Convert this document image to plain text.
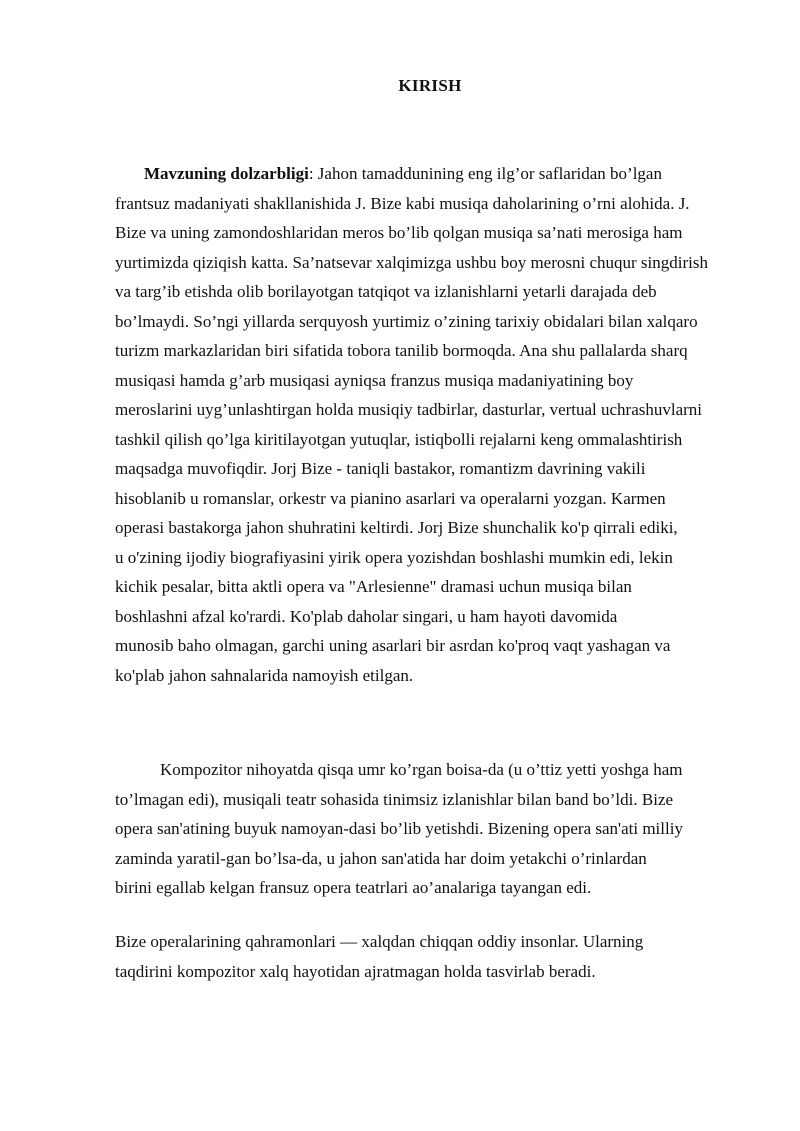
KIRISH
Mavzuning dolzarbligi: Jahon tamaddunining eng ilg’or saflaridan bo’lgan
frantsuz madaniyati shakllanishida J. Bize kabi musiqa daholarining o’rni alohida. J.
Bize va uning zamondoshlaridan meros bo’lib qolgan musiqa sa’nati merosiga ham
yurtimizda qiziqish katta. Sa’natsevar xalqimizga ushbu boy merosni chuqur singdirish
va targ’ib etishda olib borilayotgan tatqiqot va izlanishlarni yetarli darajada deb
bo’lmaydi. So’ngi yillarda serquyosh yurtimiz o’zining tarixiy obidalari bilan xalqaro
turizm markazlaridan biri sifatida tobora tanilib bormoqda. Ana shu pallalarda sharq
musiqasi hamda g’arb musiqasi ayniqsa franzus musiqa madaniyatining boy
meroslarini uyg’unlashtirgan holda musiqiy tadbirlar, dasturlar, vertual uchrashuvlarni
tashkil qilish qo’lga kiritilayotgan yutuqlar, istiqbolli rejalarni keng ommalashtirish
maqsadga muvofiqdir. Jorj Bize - taniqli bastakor, romantizm davrining vakili
hisoblanib u romanslar, orkestr va pianino asarlari va operalarni yozgan. Karmen
operasi bastakorga jahon shuhratini keltirdi. Jorj Bize shunchalik ko'p qirrali ediki,
u o'zining ijodiy biografiyasini yirik opera yozishdan boshlashi mumkin edi, lekin
kichik pesalar, bitta aktli opera va "Arlesienne" dramasi uchun musiqa bilan
boshlashni afzal ko'rardi. Ko'plab daholar singari, u ham hayoti davomida
munosib baho olmagan, garchi uning asarlari bir asrdan ko'proq vaqt yashagan va
ko'plab jahon sahnalarida namoyish etilgan.
Kompozitor nihoyatda qisqa umr ko’rgan boisa-da (u o’ttiz yetti yoshga ham
to’lmagan edi), musiqali teatr sohasida tinimsiz izlanishlar bilan band bo’ldi. Bize
opera san'atining buyuk namoyan-dasi bo’lib yetishdi. Bizening opera san'ati milliy
zaminda yaratil-gan bo’lsa-da, u jahon san'atida har doim yetakchi o’rinlardan
birini egallab kelgan fransuz opera teatrlari ao’analariga tayangan edi.
Bize operalarining qahramonlari — xalqdan chiqqan oddiy insonlar. Ularning
taqdirini kompozitor xalq hayotidan ajratmagan holda tasvirlab beradi.
